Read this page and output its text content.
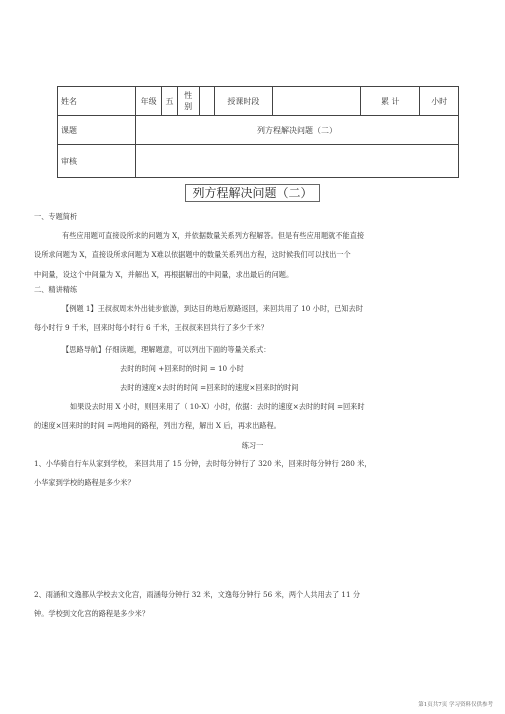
姓名	年级	五	性别		授课时段		累 计	小时
课题	列方程解决问题（二）							
审核								
列方程解决问题（二）
一、专题简析
有些应用题可直接设所求的问题为 X，并依据数量关系列方程解答。但是有些应用题就不能直接
设所求问题为 X，直接设所求问题为 X难以依据题中的数量关系列出方程，这时候我们可以找出一个
中间量，设这个中间量为 X，并解出 X，再根据解出的中间量，求出最后的问题。
二、精讲精练
【例题 1】王叔叔周末外出徒步旅游，到达目的地后原路返回，来回共用了 10 小时，已知去时
每小时行 9 千米，回来时每小时行 6 千米，王叔叔来回共行了多少千米？
【思路导航】仔细读题，理解题意，可以列出下面的等量关系式：
去时的时间 +回来时的时间 = 10 小时
去时的速度×去时的时间 =回来时的速度×回来时的时间
如果设去时用 X 小时，则回来用了（ 10-X）小时，依据：去时的速度×去时的时间 =回来时
的速度×回来时的时间 =两地间的路程，列出方程，解出 X 后，再求出路程。
练习一
1、小华骑自行车从家到学校， 来回共用了 15 分钟，去时每分钟行了 320 米，回来时每分钟行 280 米，
小华家到学校的路程是多少米？
2、雨涵和文逸都从学校去文化宫，雨涵每分钟行 32 米，文逸每分钟行 56 米，两个人共用去了 11 分
钟。学校到文化宫的路程是多少米？
第1页共7页 学习资料仅供参考
